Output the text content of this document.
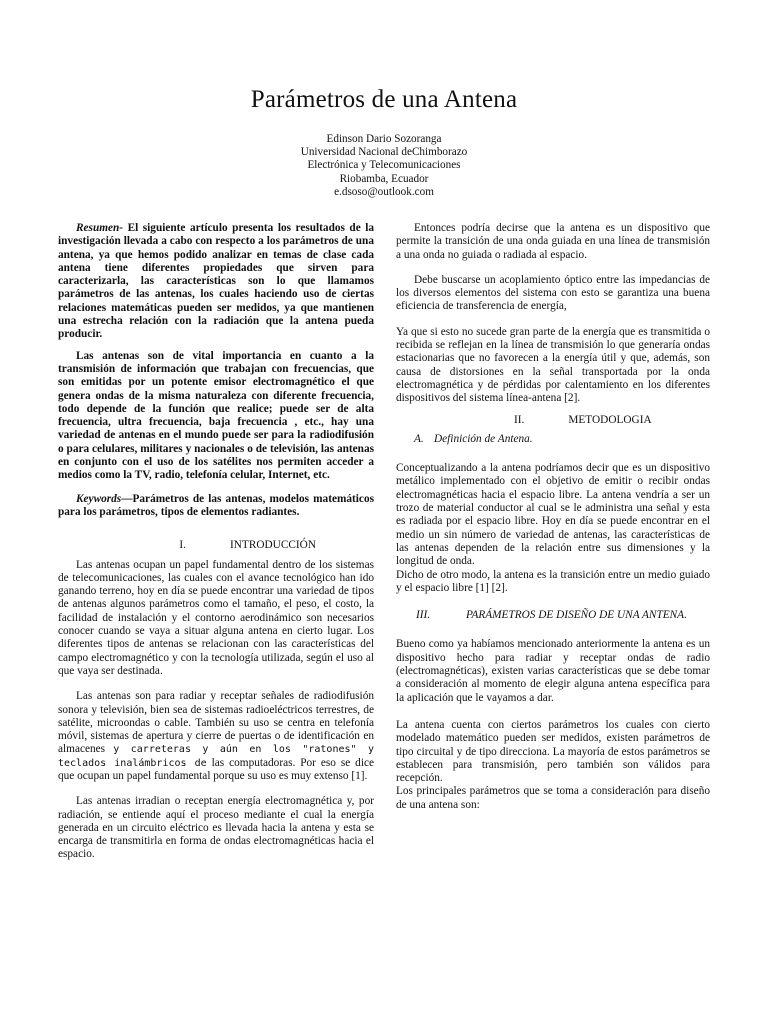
Parámetros de una Antena
Edinson Dario Sozoranga
Universidad Nacional deChimborazo
Electrónica y Telecomunicaciones
Riobamba, Ecuador
e.dsoso@outlook.com

Resumen- El siguiente artículo presenta los resultados de la investigación llevada a cabo con respecto a los parámetros de una antena, ya que hemos podido analizar en temas de clase cada antena tiene diferentes propiedades que sirven para caracterizarla, las características son lo que llamamos parámetros de las antenas, los cuales haciendo uso de ciertas relaciones matemáticas pueden ser medidos, ya que mantienen una estrecha relación con la radiación que la antena pueda producir.

Las antenas son de vital importancia en cuanto a la transmisión de información que trabajan con frecuencias, que son emitidas por un potente emisor electromagnético el que genera ondas de la misma naturaleza con diferente frecuencia, todo depende de la función que realice; puede ser de alta frecuencia, ultra frecuencia, baja frecuencia , etc., hay una variedad de antenas en el mundo puede ser para la radiodifusión o para celulares, militares y nacionales o de televisión, las antenas en conjunto con el uso de los satélites nos permiten acceder a medios como la TV, radio, telefonía celular, Internet, etc.

Keywords—Parámetros de las antenas, modelos matemáticos para los parámetros, tipos de elementos radiantes.

I.	INTRODUCCIÓN

Las antenas ocupan un papel fundamental dentro de los sistemas de telecomunicaciones, las cuales con el avance tecnológico han ido ganando terreno, hoy en día se puede encontrar una variedad de tipos de antenas algunos parámetros como el tamaño, el peso, el costo, la facilidad de instalación y el contorno aerodinámico son necesarios conocer cuando se vaya a situar alguna antena en cierto lugar. Los diferentes tipos de antenas se relacionan con las características del campo electromagnético y con la tecnología utilizada, según el uso al que vaya ser destinada.

Las antenas son para radiar y receptar señales de radiodifusión sonora y televisión, bien sea de sistemas radioeléctricos terrestres, de satélite, microondas o cable. También su uso se centra en telefonía móvil, sistemas de apertura y cierre de puertas o de identificación en almacenes y carreteras y aún en los "ratones" y teclados inalámbricos de las computadoras. Por eso se dice que ocupan un papel fundamental porque su uso es muy extenso [1].

Las antenas irradian o receptan energía electromagnética y, por radiación, se entiende aquí el proceso mediante el cual la energía generada en un circuito eléctrico es llevada hacia la antena y esta se encarga de transmitirla en forma de ondas electromagnéticas hacia el espacio.

Entonces podría decirse que la antena es un dispositivo que permite la transición de una onda guiada en una línea de transmisión a una onda no guiada o radiada al espacio.

Debe buscarse un acoplamiento óptico entre las impedancias de los diversos elementos del sistema con esto se garantiza una buena eficiencia de transferencia de energía,

Ya que si esto no sucede gran parte de la energía que es transmitida o recibida se reflejan en la línea de transmisión lo que generaría ondas estacionarias que no favorecen a la energía útil y que, además, son causa de distorsiones en la señal transportada por la onda electromagnética y de pérdidas por calentamiento en los diferentes dispositivos del sistema línea-antena [2].

II.	METODOLOGIA

A. Definición de Antena.

Conceptualizando a la antena podríamos decir que es un dispositivo metálico implementado con el objetivo de emitir o recibir ondas electromagnéticas hacia el espacio libre. La antena vendría a ser un trozo de material conductor al cual se le administra una señal y esta es radiada por el espacio libre. Hoy en día se puede encontrar en el medio un sin número de variedad de antenas, las características de las antenas dependen de la relación entre sus dimensiones y la longitud de onda.

Dicho de otro modo, la antena es la transición entre un medio guiado y el espacio libre [1] [2].

III.	PARÁMETROS DE DISEÑO DE UNA ANTENA.

Bueno como ya habíamos mencionado anteriormente la antena es un dispositivo hecho para radiar y receptar ondas de radio (electromagnéticas), existen varias características que se debe tomar a consideración al momento de elegir alguna antena específica para la aplicación que le vayamos a dar.

La antena cuenta con ciertos parámetros los cuales con cierto modelado matemático pueden ser medidos, existen parámetros de tipo circuital y de tipo direcciona. La mayoría de estos parámetros se establecen para transmisión, pero también son válidos para recepción.

Los principales parámetros que se toma a consideración para diseño de una antena son:
